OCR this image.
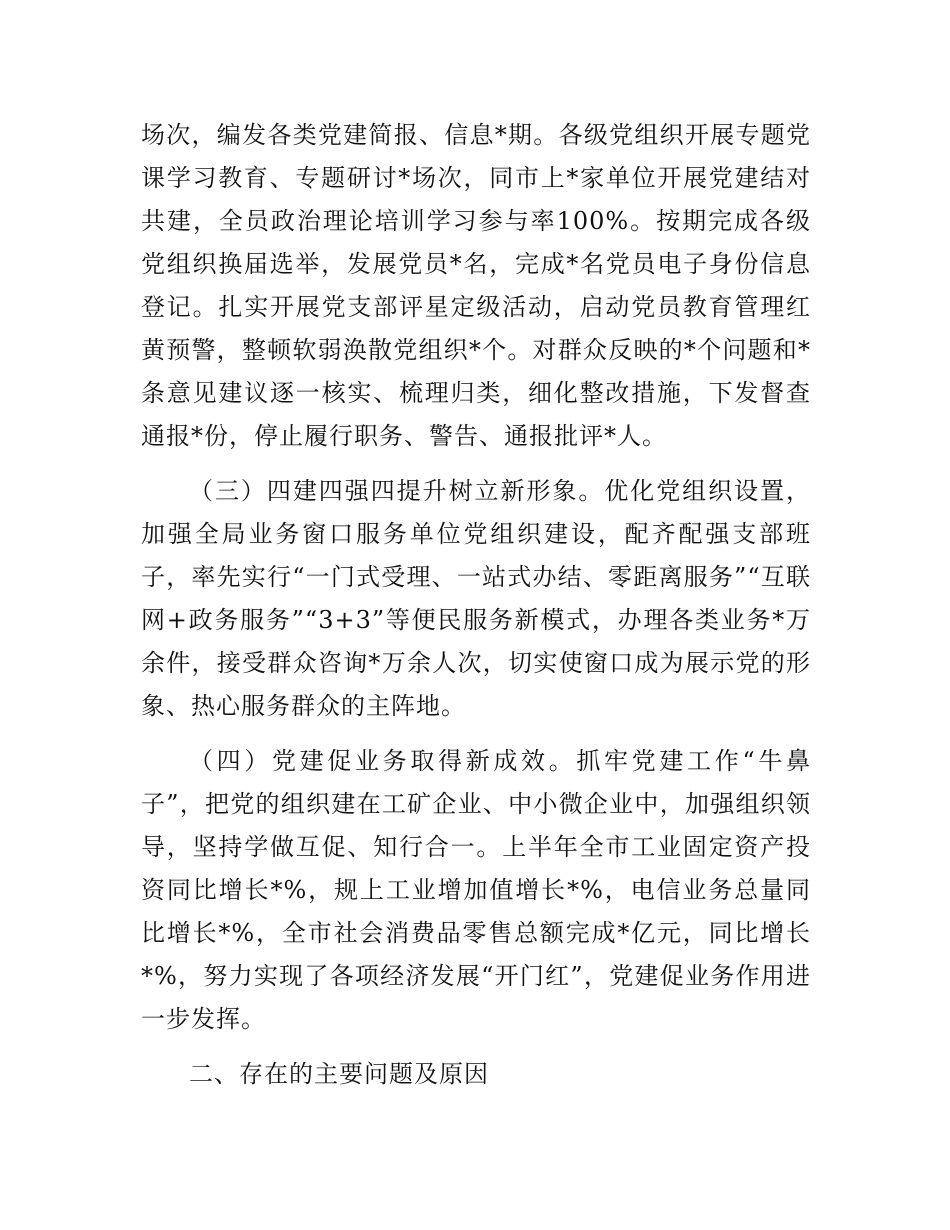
场次，编发各类党建简报、信息*期。各级党组织开展专题党课学习教育、专题研讨*场次，同市上*家单位开展党建结对共建，全员政治理论培训学习参与率100%。按期完成各级党组织换届选举，发展党员*名，完成*名党员电子身份信息登记。扎实开展党支部评星定级活动，启动党员教育管理红黄预警，整顿软弱涣散党组织*个。对群众反映的*个问题和*条意见建议逐一核实、梳理归类，细化整改措施，下发督查通报*份，停止履行职务、警告、通报批评*人。

（三）四建四强四提升树立新形象。优化党组织设置，加强全局业务窗口服务单位党组织建设，配齐配强支部班子，率先实行“一门式受理、一站式办结、零距离服务”“互联网+政务服务”“3+3”等便民服务新模式，办理各类业务*万余件，接受群众咨询*万余人次，切实使窗口成为展示党的形象、热心服务群众的主阵地。

（四）党建促业务取得新成效。抓牢党建工作“牛鼻子”，把党的组织建在工矿企业、中小微企业中，加强组织领导，坚持学做互促、知行合一。上半年全市工业固定资产投资同比增长*%，规上工业增加值增长*%，电信业务总量同比增长*%，全市社会消费品零售总额完成*亿元，同比增长*%，努力实现了各项经济发展“开门红”，党建促业务作用进一步发挥。

二、存在的主要问题及原因
